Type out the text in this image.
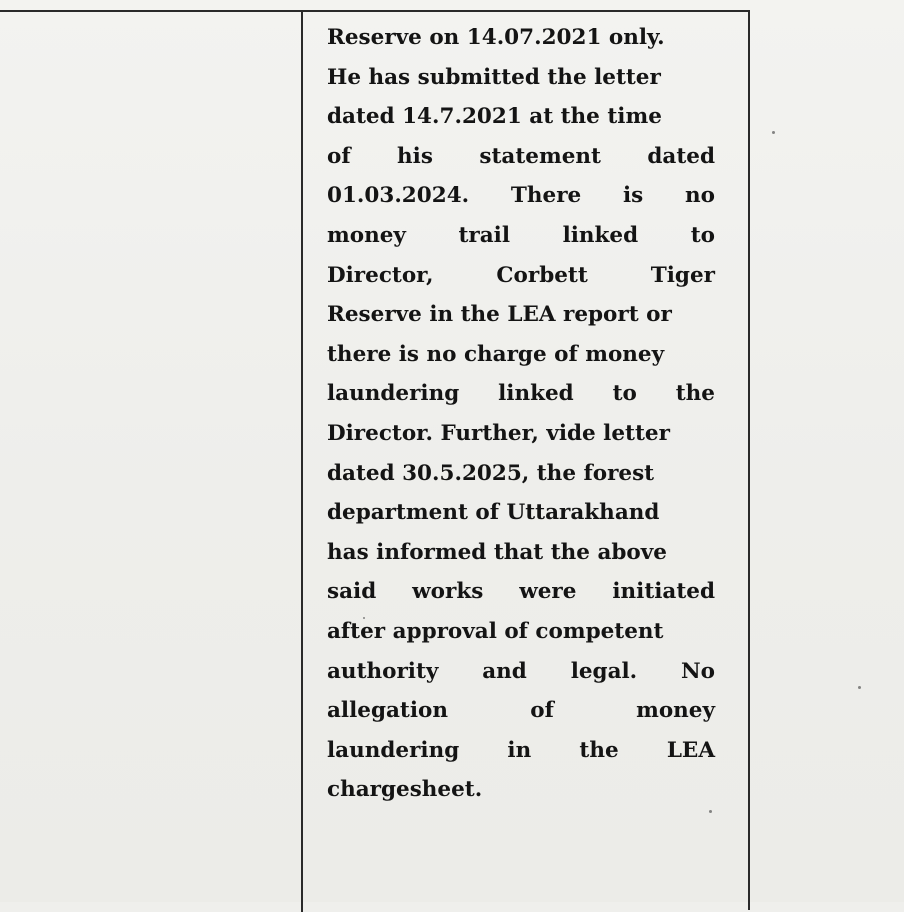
Reserve on 14.07.2021 only.
He has submitted the letter
dated 14.7.2021 at the time
of his statement dated
01.03.2024. There is no
money trail linked to
Director,	Corbett	Tiger
Reserve in the LEA report or
there is no charge of money
laundering linked to the
Director. Further, vide letter
dated 30.5.2025, the forest
department of Uttarakhand
has informed that the above
said works were initiated
after approval of competent
authority and legal. No
allegation	of	money
laundering in the LEA
chargesheet.
